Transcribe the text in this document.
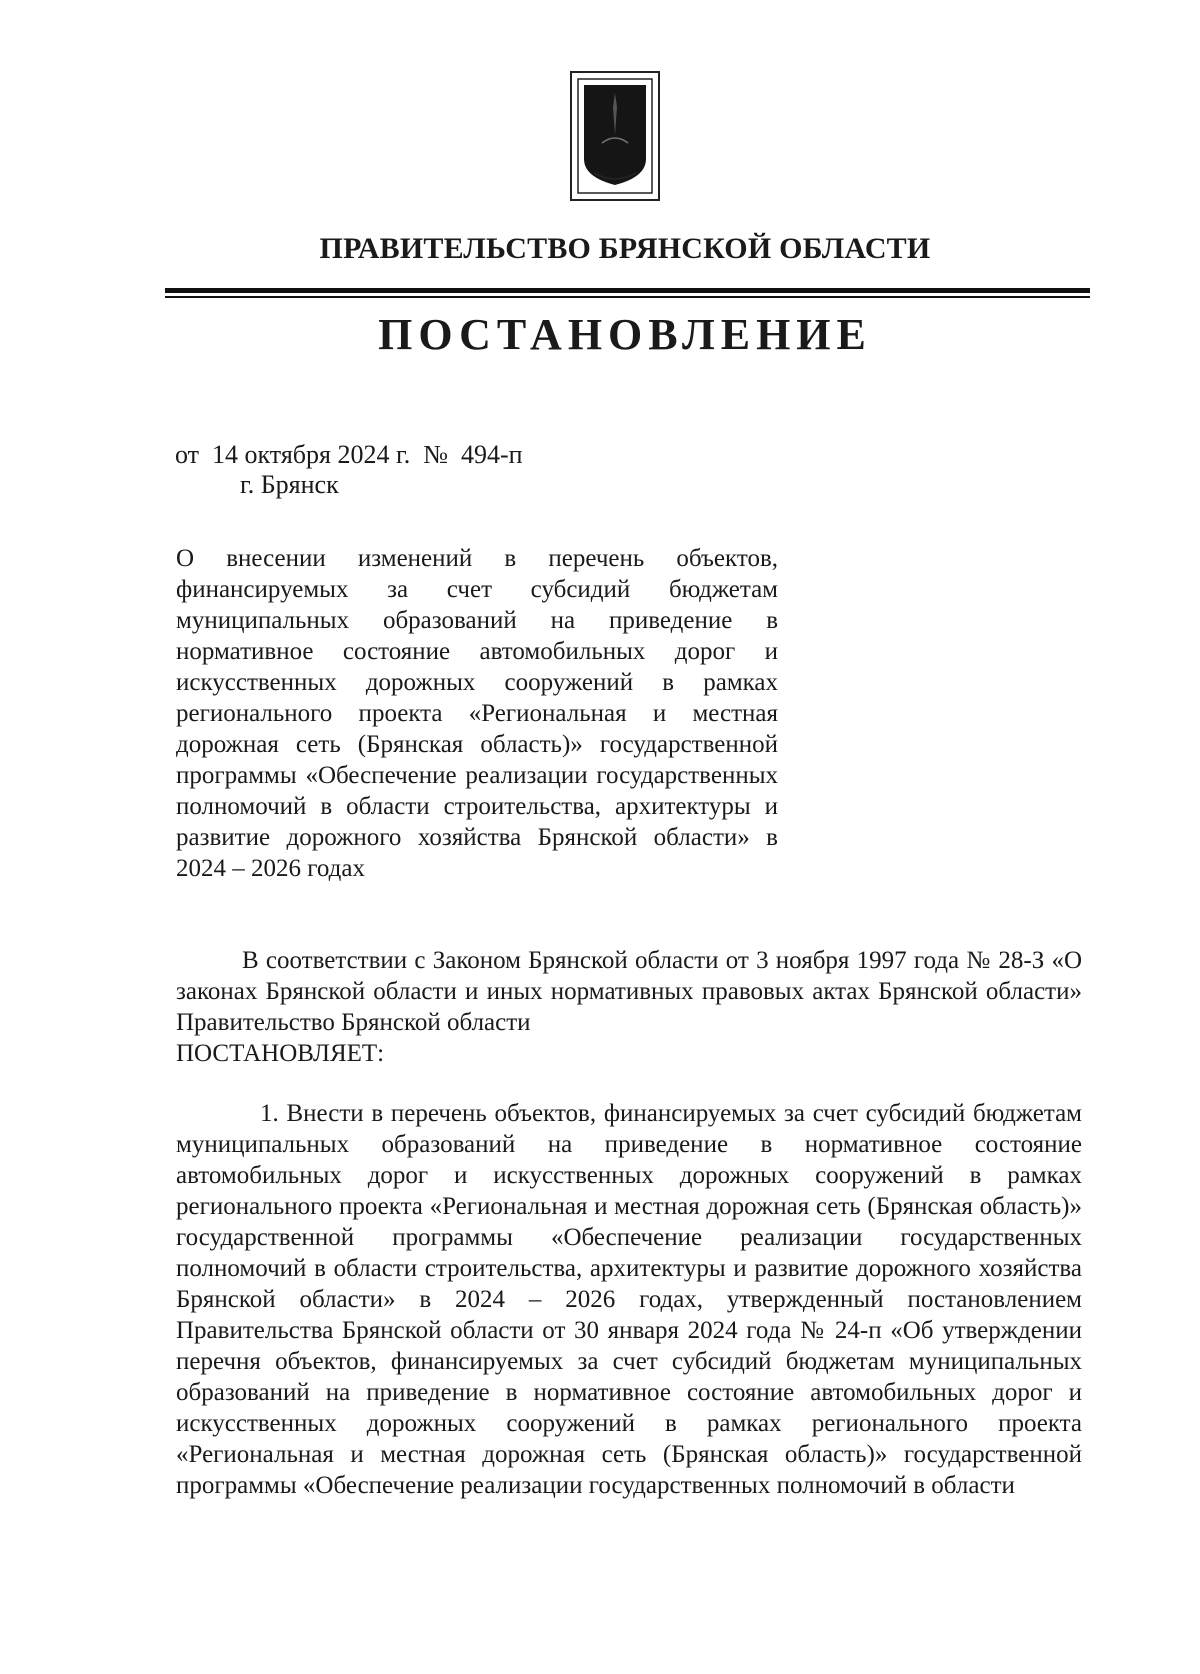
ПРАВИТЕЛЬСТВО БРЯНСКОЙ ОБЛАСТИ
ПОСТАНОВЛЕНИЕ
от  14 октября 2024 г.  №  494-п
г. Брянск
О внесении изменений в перечень объектов, финансируемых за счет субсидий бюджетам муниципальных образований на приведение в нормативное состояние автомобильных дорог и искусственных дорожных сооружений в рамках регионального проекта «Региональная и местная дорожная сеть (Брянская область)» государственной программы «Обеспечение реализации государственных полномочий в области строительства, архитектуры и развитие дорожного хозяйства Брянской области» в 2024 – 2026 годах
В соответствии с Законом Брянской области от 3 ноября 1997 года № 28-З «О законах Брянской области и иных нормативных правовых актах Брянской области» Правительство Брянской области
ПОСТАНОВЛЯЕТ:
1. Внести в перечень объектов, финансируемых за счет субсидий бюджетам муниципальных образований на приведение в нормативное состояние автомобильных дорог и искусственных дорожных сооружений в рамках регионального проекта «Региональная и местная дорожная сеть (Брянская область)» государственной программы «Обеспечение реализации государственных полномочий в области строительства, архитектуры и развитие дорожного хозяйства Брянской области» в 2024 – 2026 годах, утвержденный постановлением Правительства Брянской области от 30 января 2024 года № 24-п «Об утверждении перечня объектов, финансируемых за счет субсидий бюджетам муниципальных образований на приведение в нормативное состояние автомобильных дорог и искусственных дорожных сооружений в рамках регионального проекта «Региональная и местная дорожная сеть (Брянская область)» государственной программы «Обеспечение реализации государственных полномочий в области
